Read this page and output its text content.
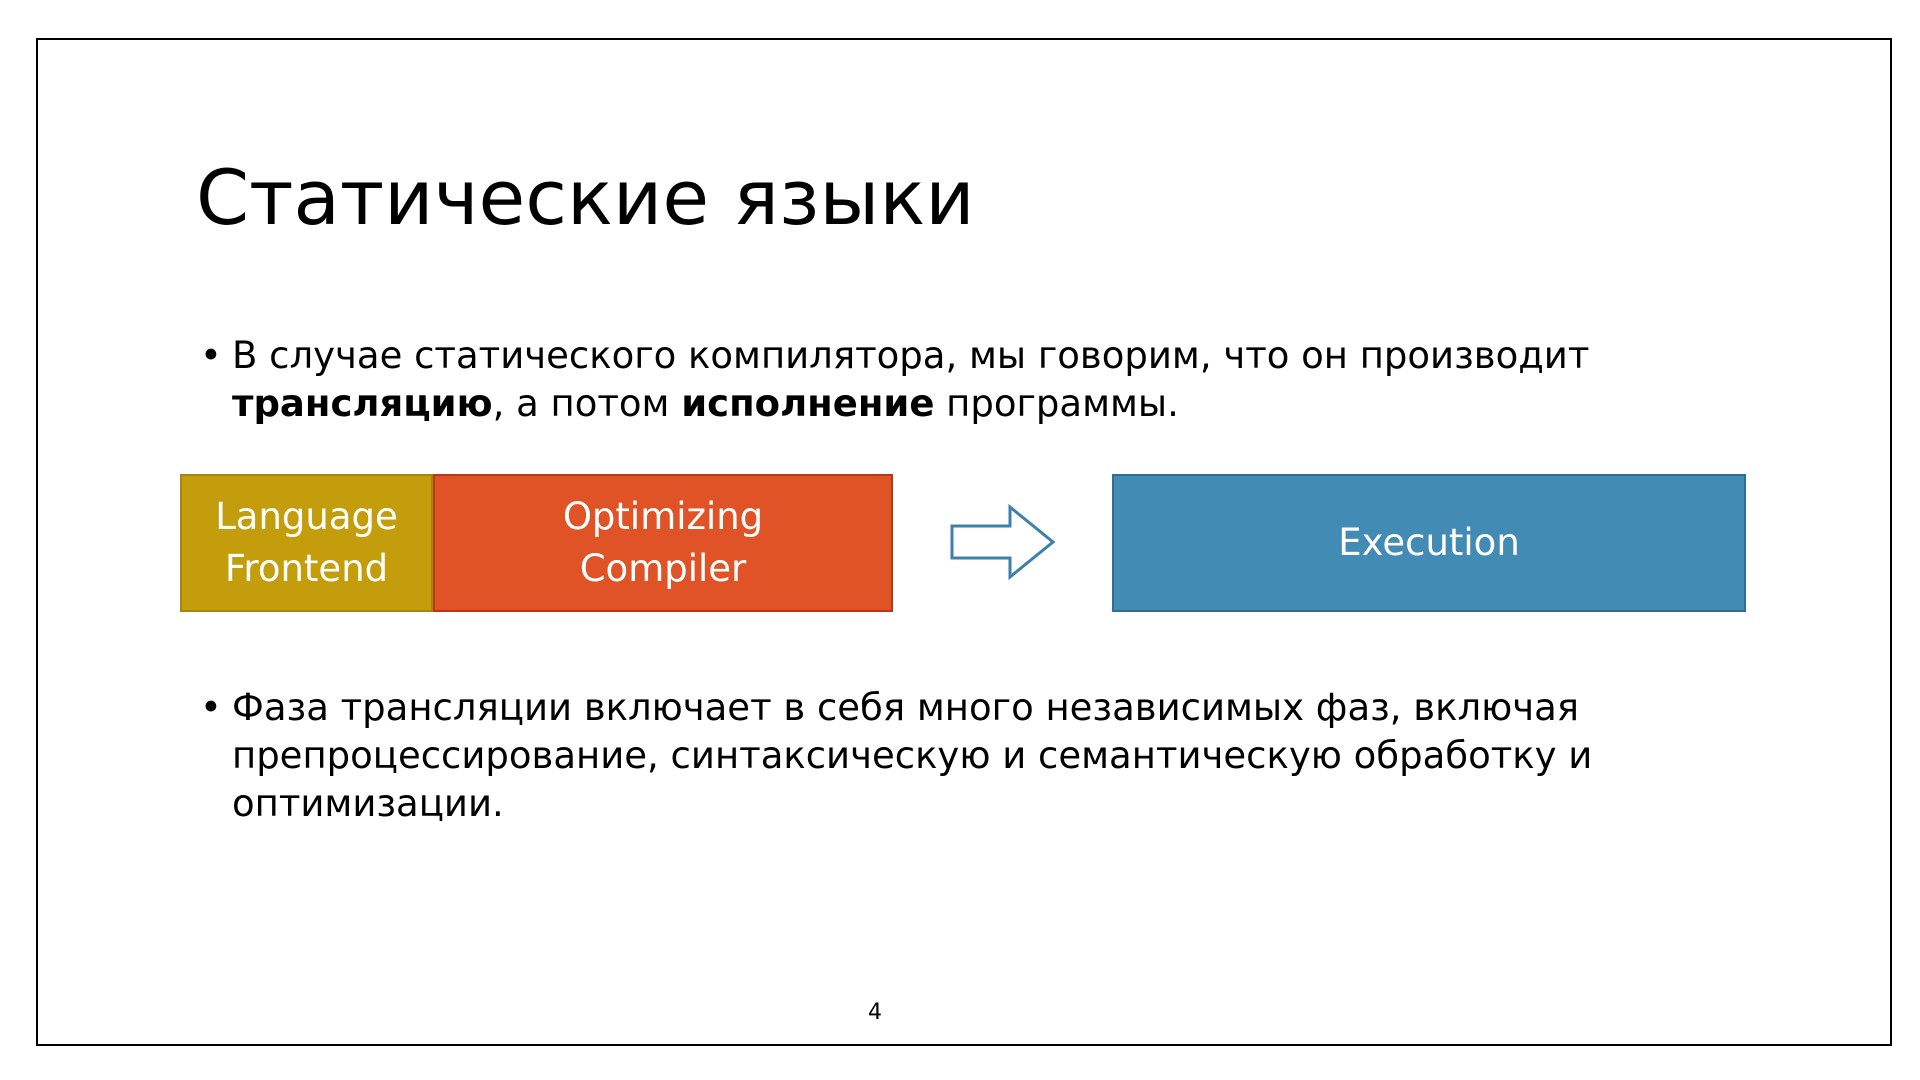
Статические языки
• В случае статического компилятора, мы говорим, что он производит трансляцию, а потом исполнение программы.
Language
Frontend
Optimizing
Compiler
Execution
• Фаза трансляции включает в себя много независимых фаз, включая препроцессирование, синтаксическую и семантическую обработку и оптимизации.
4
